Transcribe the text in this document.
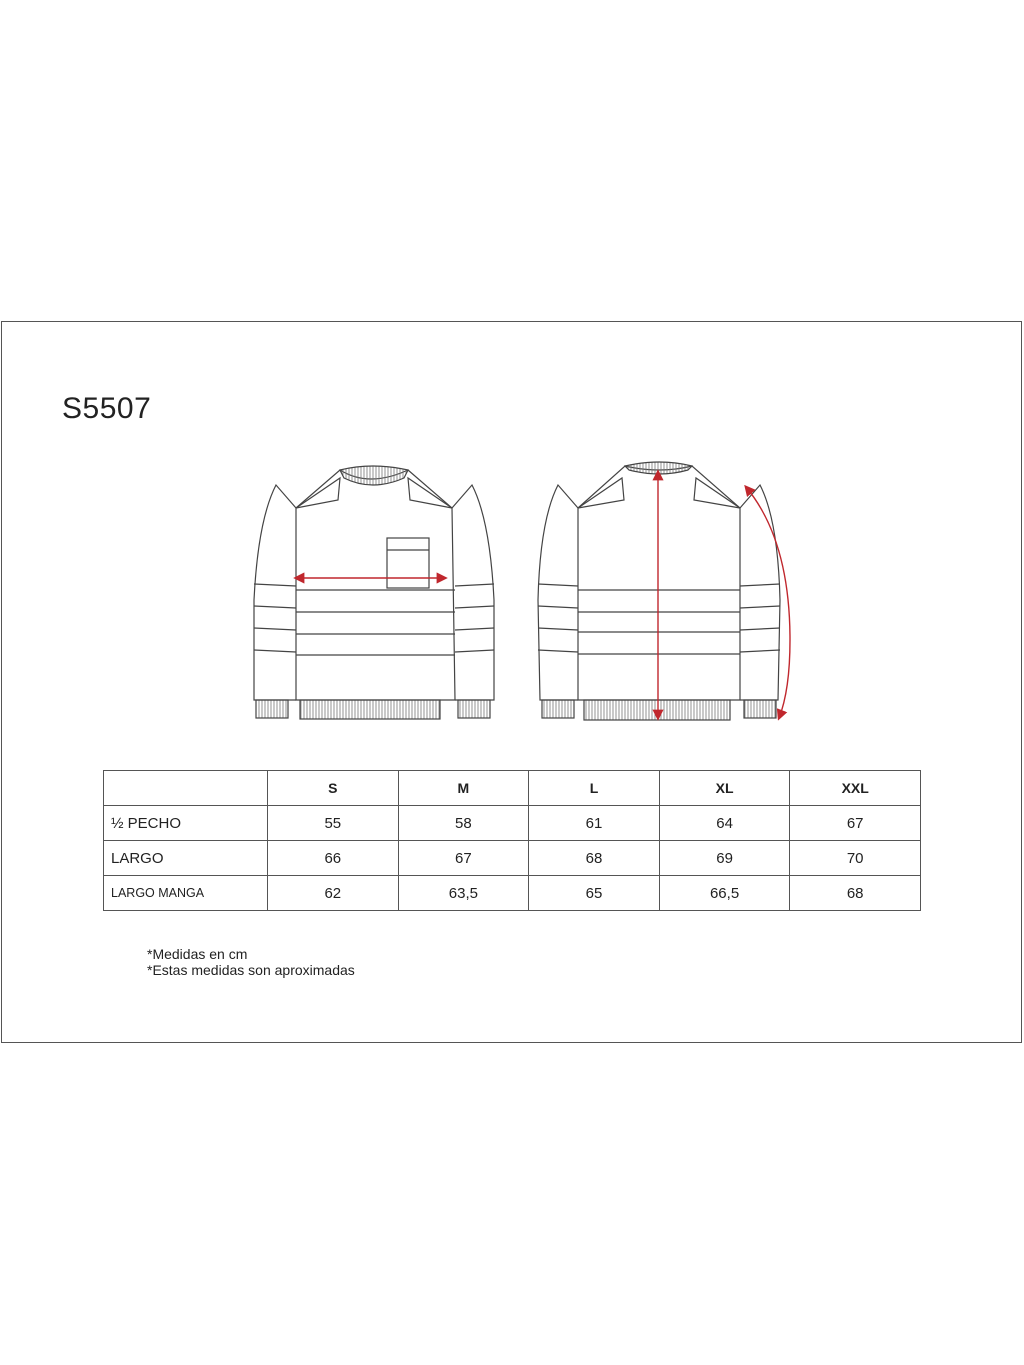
S5507
	S	M	L	XL	XXL
½ PECHO	55	58	61	64	67
LARGO	66	67	68	69	70
LARGO MANGA	62	63,5	65	66,5	68
*Medidas en cm
*Estas medidas son aproximadas
